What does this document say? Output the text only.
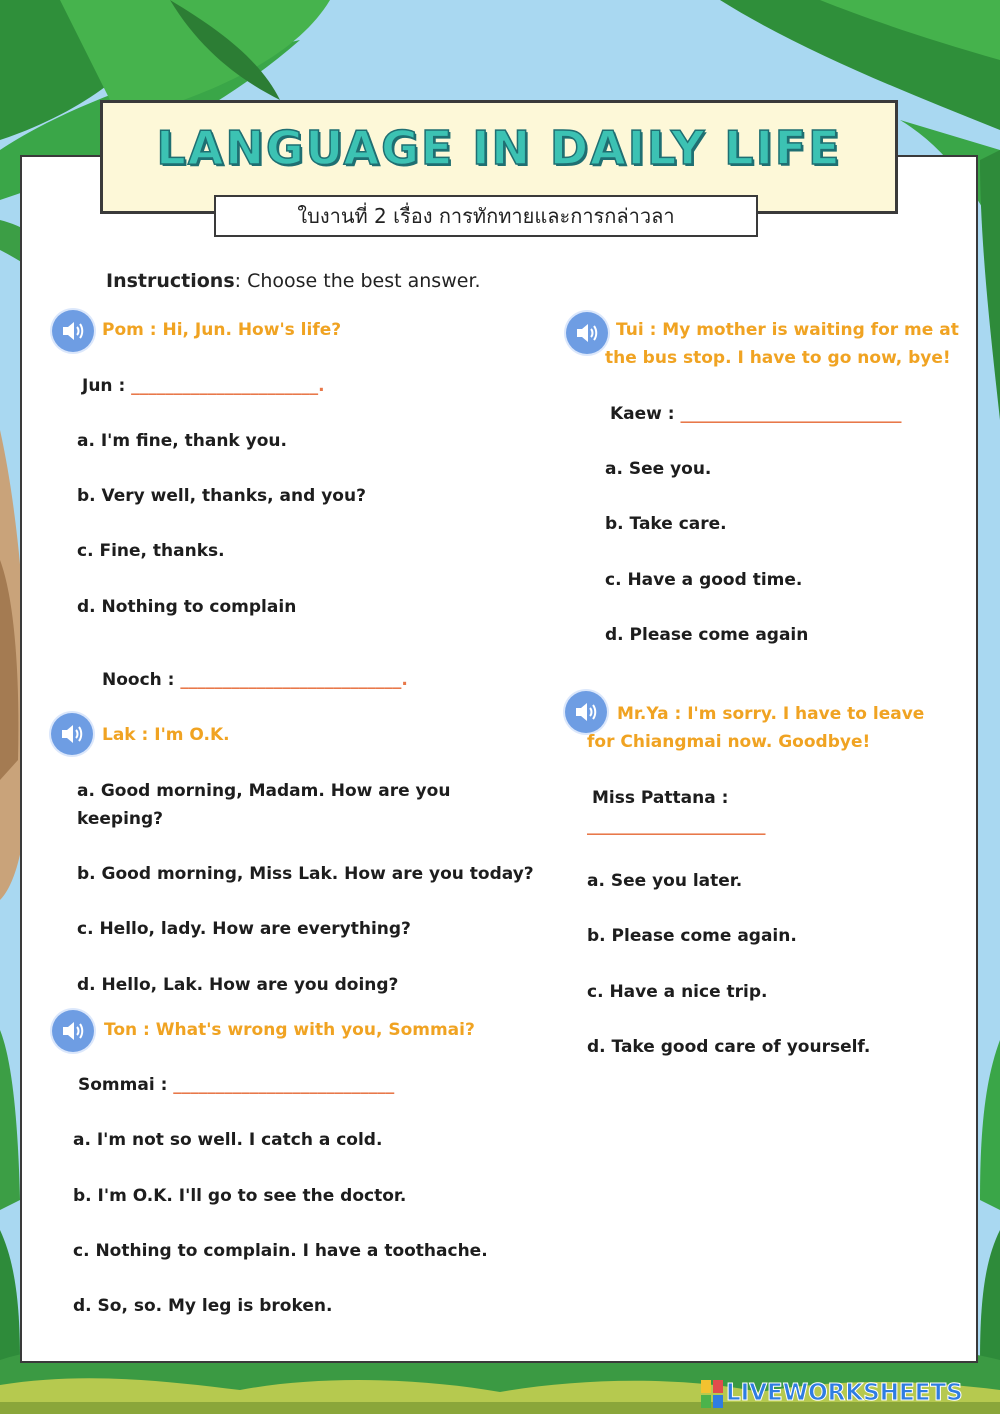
LANGUAGE IN DAILY LIFE
ใบงานที่ 2 เรื่อง การทักทายและการกล่าวลา
Instructions: Choose the best answer.
Pom : Hi, Jun. How's life?
Jun : ______________________.
a. I'm fine, thank you.
b. Very well, thanks, and you?
c. Fine, thanks.
d. Nothing to complain
Nooch : __________________________.
Lak : I'm O.K.
a. Good morning, Madam. How are you keeping?
b. Good morning, Miss Lak. How are you today?
c. Hello, lady. How are everything?
d. Hello, Lak. How are you doing?
Ton : What's wrong with you, Sommai?
Sommai : __________________________
a. I'm not so well. I catch a cold.
b. I'm O.K. I'll go to see the doctor.
c. Nothing to complain. I have a toothache.
d. So, so. My leg is broken.
Tui : My mother is waiting for me at
the bus stop. I have to go now, bye!
Kaew : __________________________
a. See you.
b. Take care.
c. Have a good time.
d. Please come again
Mr.Ya : I'm sorry. I have to leave
for Chiangmai now. Goodbye!
Miss Pattana :
_____________________
a. See you later.
b. Please come again.
c. Have a nice trip.
d. Take good care of yourself.
LIVEWORKSHEETS
